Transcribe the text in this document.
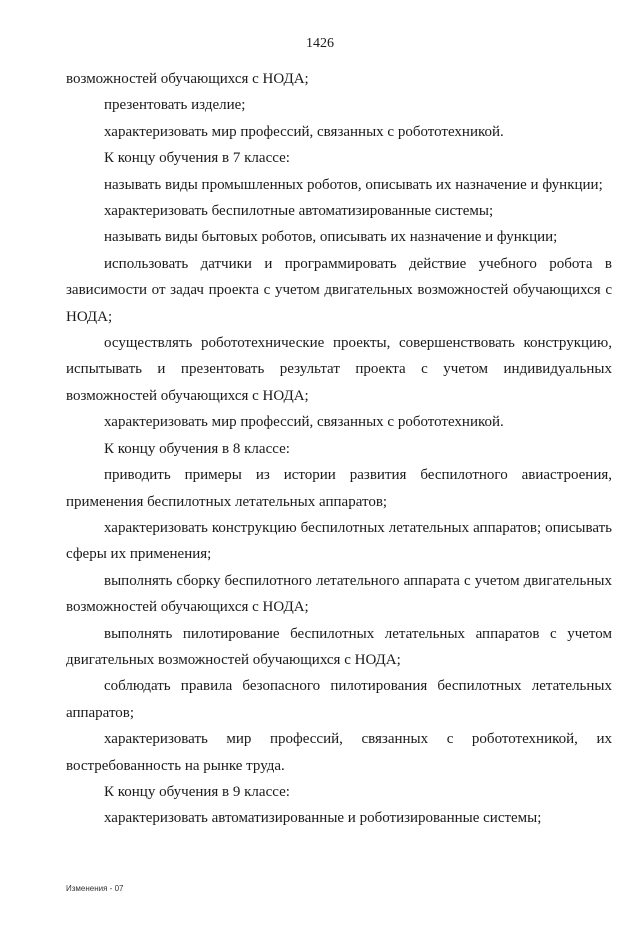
1426

возможностей обучающихся с НОДА;

презентовать изделие;

характеризовать мир профессий, связанных с робототехникой.

К концу обучения в 7 классе:

называть виды промышленных роботов, описывать их назначение и функции;

характеризовать беспилотные автоматизированные системы;

называть виды бытовых роботов, описывать их назначение и функции;

использовать датчики и программировать действие учебного робота в зависимости от задач проекта с учетом двигательных возможностей обучающихся с НОДА;

осуществлять робототехнические проекты, совершенствовать конструкцию, испытывать и презентовать результат проекта с учетом индивидуальных возможностей обучающихся с НОДА;

характеризовать мир профессий, связанных с робототехникой.

К концу обучения в 8 классе:

приводить примеры из истории развития беспилотного авиастроения, применения беспилотных летательных аппаратов;

характеризовать конструкцию беспилотных летательных аппаратов; описывать сферы их применения;

выполнять сборку беспилотного летательного аппарата с учетом двигательных возможностей обучающихся с НОДА;

выполнять пилотирование беспилотных летательных аппаратов с учетом двигательных возможностей обучающихся с НОДА;

соблюдать правила безопасного пилотирования беспилотных летательных аппаратов;

характеризовать мир профессий, связанных с робототехникой, их востребованность на рынке труда.

К концу обучения в 9 классе:

характеризовать автоматизированные и роботизированные системы;

Изменения - 07
